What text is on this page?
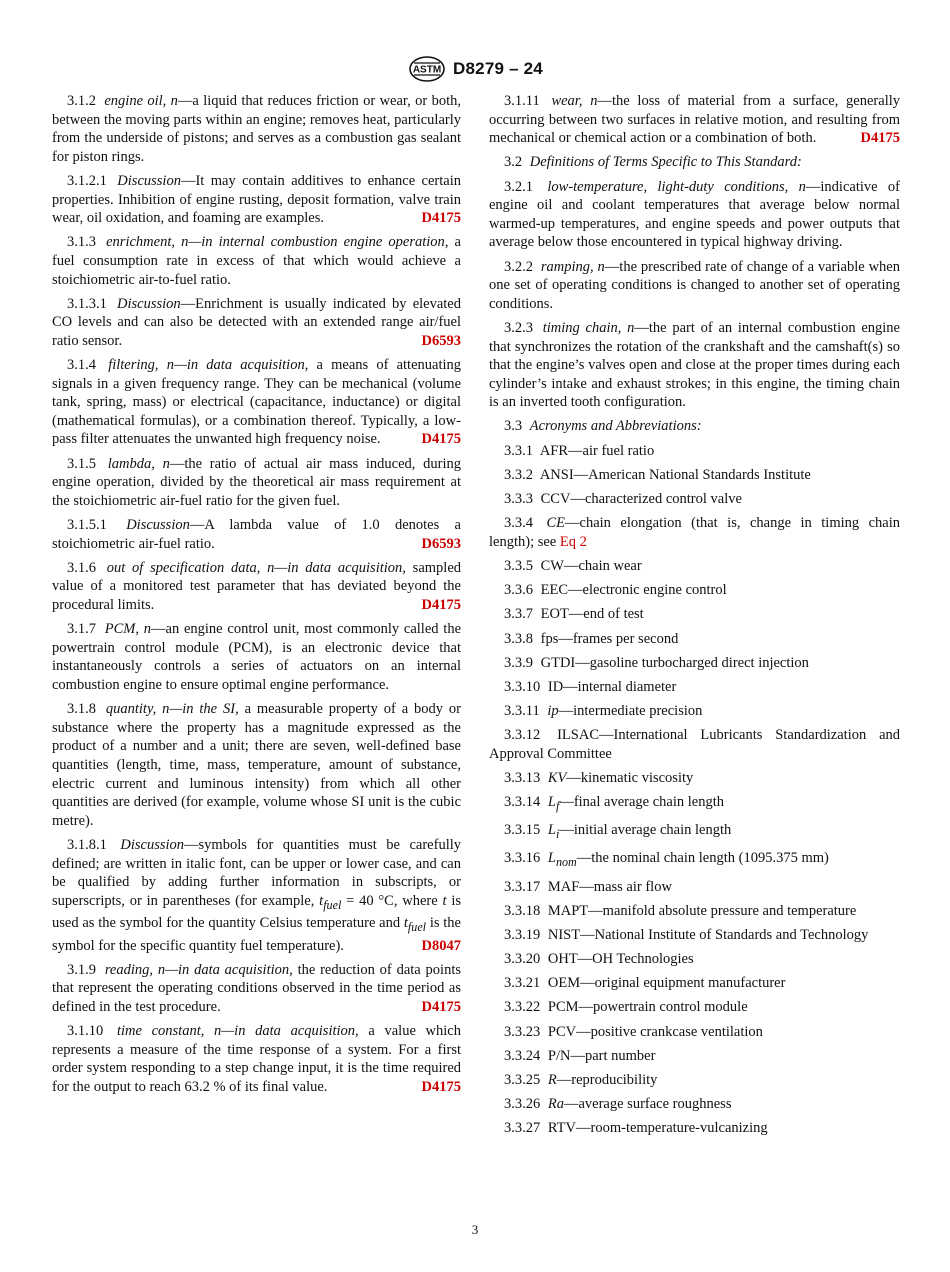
ASTM D8279 – 24

3.1.2 engine oil, n—a liquid that reduces friction or wear, or both, between the moving parts within an engine; removes heat, particularly from the underside of pistons; and serves as a combustion gas sealant for piston rings.

3.1.2.1 Discussion—It may contain additives to enhance certain properties. Inhibition of engine rusting, deposit formation, valve train wear, oil oxidation, and foaming are examples.	D4175

3.1.3 enrichment, n—in internal combustion engine operation, a fuel consumption rate in excess of that which would achieve a stoichiometric air-to-fuel ratio.

3.1.3.1 Discussion—Enrichment is usually indicated by elevated CO levels and can also be detected with an extended range air/fuel ratio sensor.	D6593

3.1.4 filtering, n—in data acquisition, a means of attenuating signals in a given frequency range. They can be mechanical (volume tank, spring, mass) or electrical (capacitance, inductance) or digital (mathematical formulas), or a combination thereof. Typically, a low-pass filter attenuates the unwanted high frequency noise.	D4175

3.1.5 lambda, n—the ratio of actual air mass induced, during engine operation, divided by the theoretical air mass requirement at the stoichiometric air-fuel ratio for the given fuel.

3.1.5.1 Discussion—A lambda value of 1.0 denotes a stoichiometric air-fuel ratio.	D6593

3.1.6 out of specification data, n—in data acquisition, sampled value of a monitored test parameter that has deviated beyond the procedural limits.	D4175

3.1.7 PCM, n—an engine control unit, most commonly called the powertrain control module (PCM), is an electronic device that instantaneously controls a series of actuators on an internal combustion engine to ensure optimal engine performance.

3.1.8 quantity, n—in the SI, a measurable property of a body or substance where the property has a magnitude expressed as the product of a number and a unit; there are seven, well-defined base quantities (length, time, mass, temperature, amount of substance, electric current and luminous intensity) from which all other quantities are derived (for example, volume whose SI unit is the cubic metre).

3.1.8.1 Discussion—symbols for quantities must be carefully defined; are written in italic font, can be upper or lower case, and can be qualified by adding further information in subscripts, or superscripts, or in parentheses (for example, $t_{fuel} = 40$ °C, where t is used as the symbol for the quantity Celsius temperature and $t_{fuel}$ is the symbol for the specific quantity fuel temperature).	D8047

3.1.9 reading, n—in data acquisition, the reduction of data points that represent the operating conditions observed in the time period as defined in the test procedure.	D4175

3.1.10 time constant, n—in data acquisition, a value which represents a measure of the time response of a system. For a first order system responding to a step change input, it is the time required for the output to reach 63.2 % of its final value.	D4175

3.1.11 wear, n—the loss of material from a surface, generally occurring between two surfaces in relative motion, and resulting from mechanical or chemical action or a combination of both.	D4175

3.2 Definitions of Terms Specific to This Standard:

3.2.1 low-temperature, light-duty conditions, n—indicative of engine oil and coolant temperatures that average below normal warmed-up temperatures, and engine speeds and power outputs that average below those encountered in typical highway driving.

3.2.2 ramping, n—the prescribed rate of change of a variable when one set of operating conditions is changed to another set of operating conditions.

3.2.3 timing chain, n—the part of an internal combustion engine that synchronizes the rotation of the crankshaft and the camshaft(s) so that the engine’s valves open and close at the proper times during each cylinder’s intake and exhaust strokes; in this engine, the timing chain is an inverted tooth configuration.

3.3 Acronyms and Abbreviations:

3.3.1 AFR—air fuel ratio

3.3.2 ANSI—American National Standards Institute

3.3.3 CCV—characterized control valve

3.3.4 CE—chain elongation (that is, change in timing chain length); see Eq 2

3.3.5 CW—chain wear

3.3.6 EEC—electronic engine control

3.3.7 EOT—end of test

3.3.8 fps—frames per second

3.3.9 GTDI—gasoline turbocharged direct injection

3.3.10 ID—internal diameter

3.3.11 ip—intermediate precision

3.3.12 ILSAC—International Lubricants Standardization and Approval Committee

3.3.13 KV—kinematic viscosity

3.3.14 $L_f—final$ average chain length

3.3.15 $L_i—initial$ average chain length

3.3.16 $L_{nom}—the$ nominal chain length (1095.375 mm)

3.3.17 MAF—mass air flow

3.3.18 MAPT—manifold absolute pressure and temperature

3.3.19 NIST—National Institute of Standards and Technology

3.3.20 OHT—OH Technologies

3.3.21 OEM—original equipment manufacturer

3.3.22 PCM—powertrain control module

3.3.23 PCV—positive crankcase ventilation

3.3.24 P/N—part number

3.3.25 R—reproducibility

3.3.26 Ra—average surface roughness

3.3.27 RTV—room-temperature-vulcanizing

3
